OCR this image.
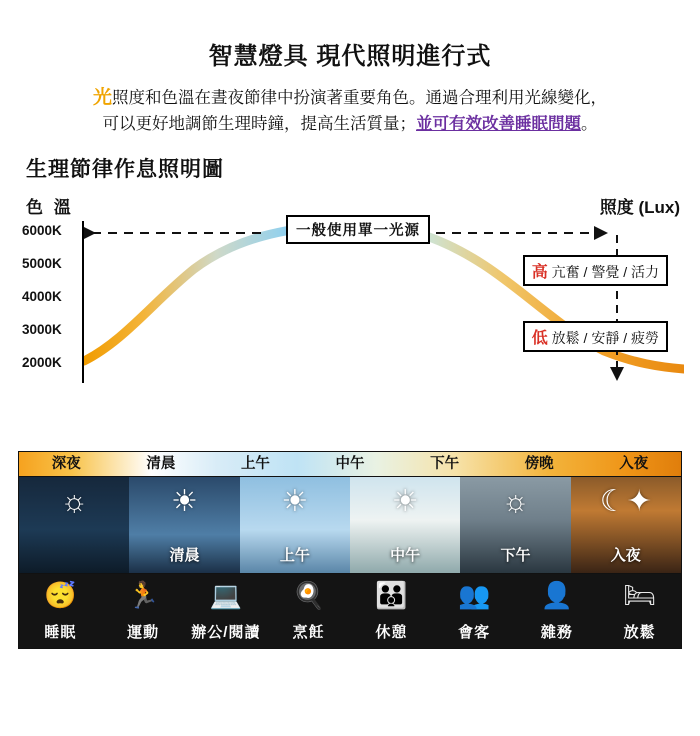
智慧燈具 現代照明進行式
光照度和色溫在晝夜節律中扮演著重要角色。通過合理利用光線變化，
可以更好地調節生理時鐘，提高生活質量；並可有效改善睡眠問題。
生理節律作息照明圖
色 溫	照度 (Lux)
6000K
5000K
4000K
3000K
2000K
一般使用單一光源
高 亢奮 / 警覺 / 活力
低 放鬆 / 安靜 / 疲勞
深夜	清晨	上午	中午	下午	傍晚	入夜
☼	☀
清晨
☀
上午
☀
中午
☼
下午
☾✦
入夜
😴
睡眠
🏃
運動
💻
辦公/閱讀
🍳
烹飪
👪
休憩
👥
會客
👤
雜務
🛏
放鬆
